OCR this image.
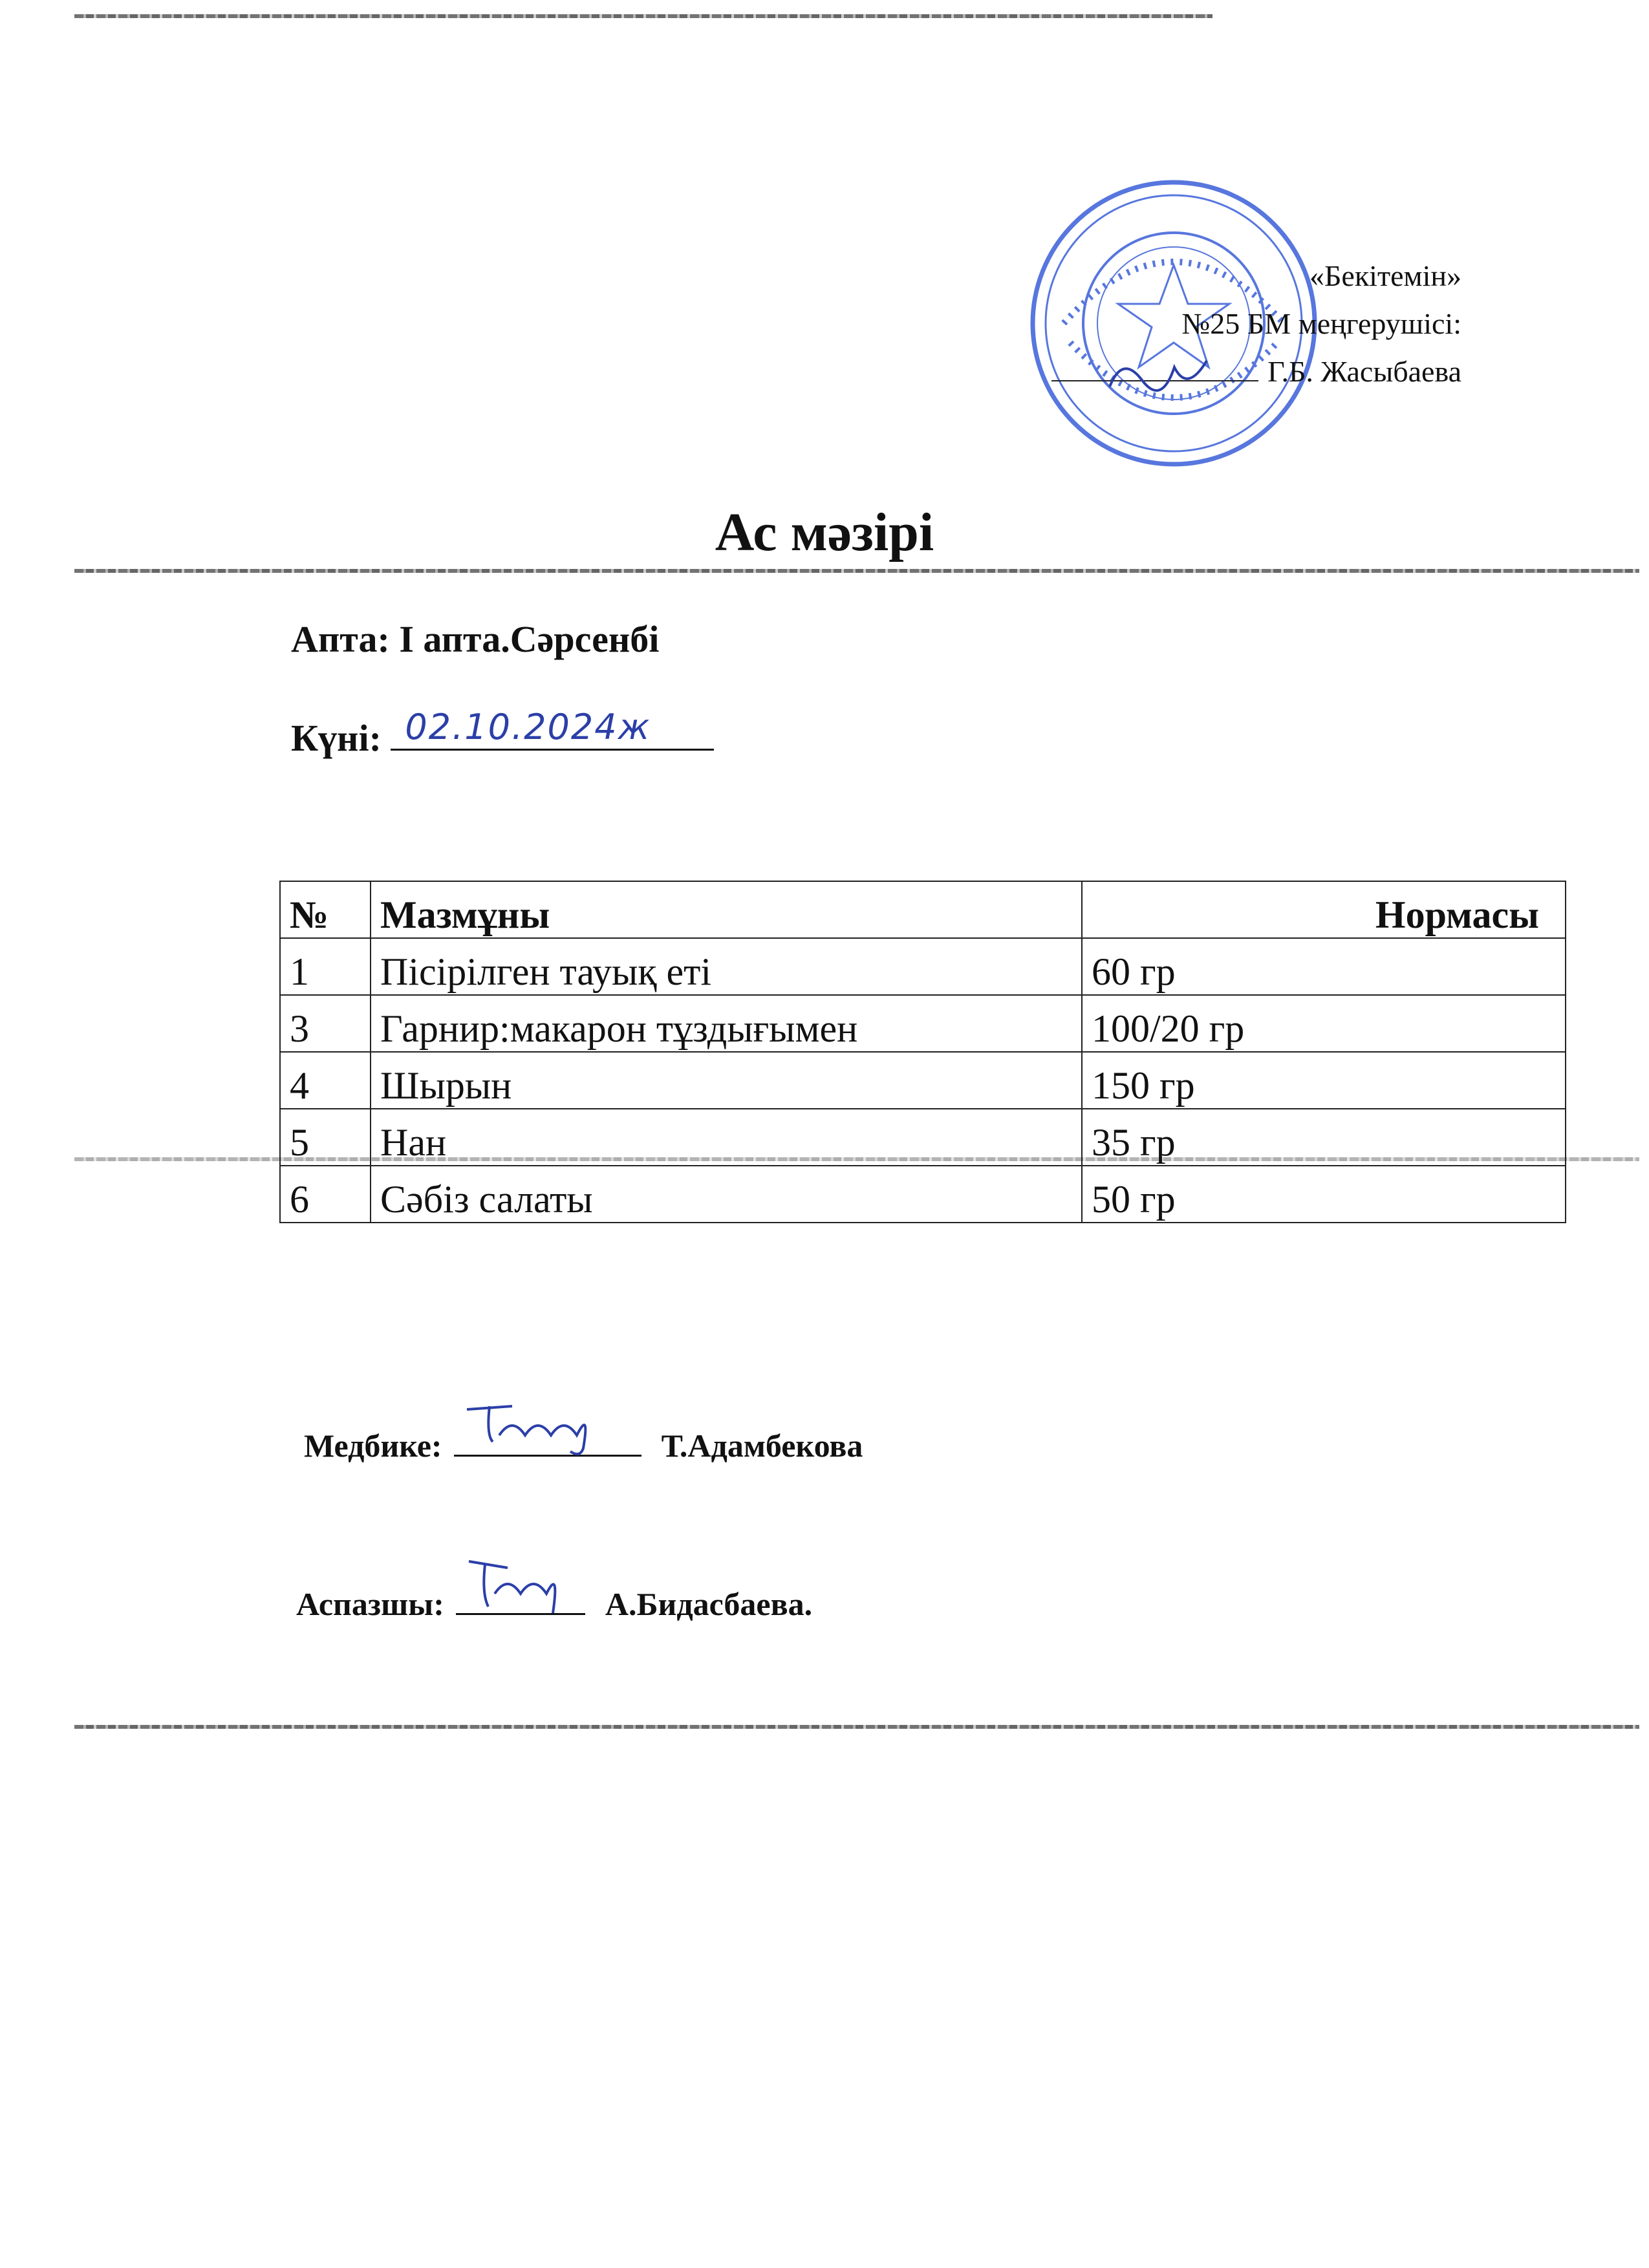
«Бекітемін»
№25 БМ меңгерушісі:
Г.Б. Жасыбаева
Ас мәзірі
Апта: I апта.Сәрсенбі
Күні: 02.10.2024ж
№	Мазмұны	Нормасы
1	Пісірілген тауық еті	60 гр
3	Гарнир:макарон тұздығымен	100/20 гр
4	Шырын	150 гр
5	Нан	35 гр
6	Сәбіз салаты	50 гр
Медбике:	Т.Адамбекова
Аспазшы:	А.Бидасбаева.
